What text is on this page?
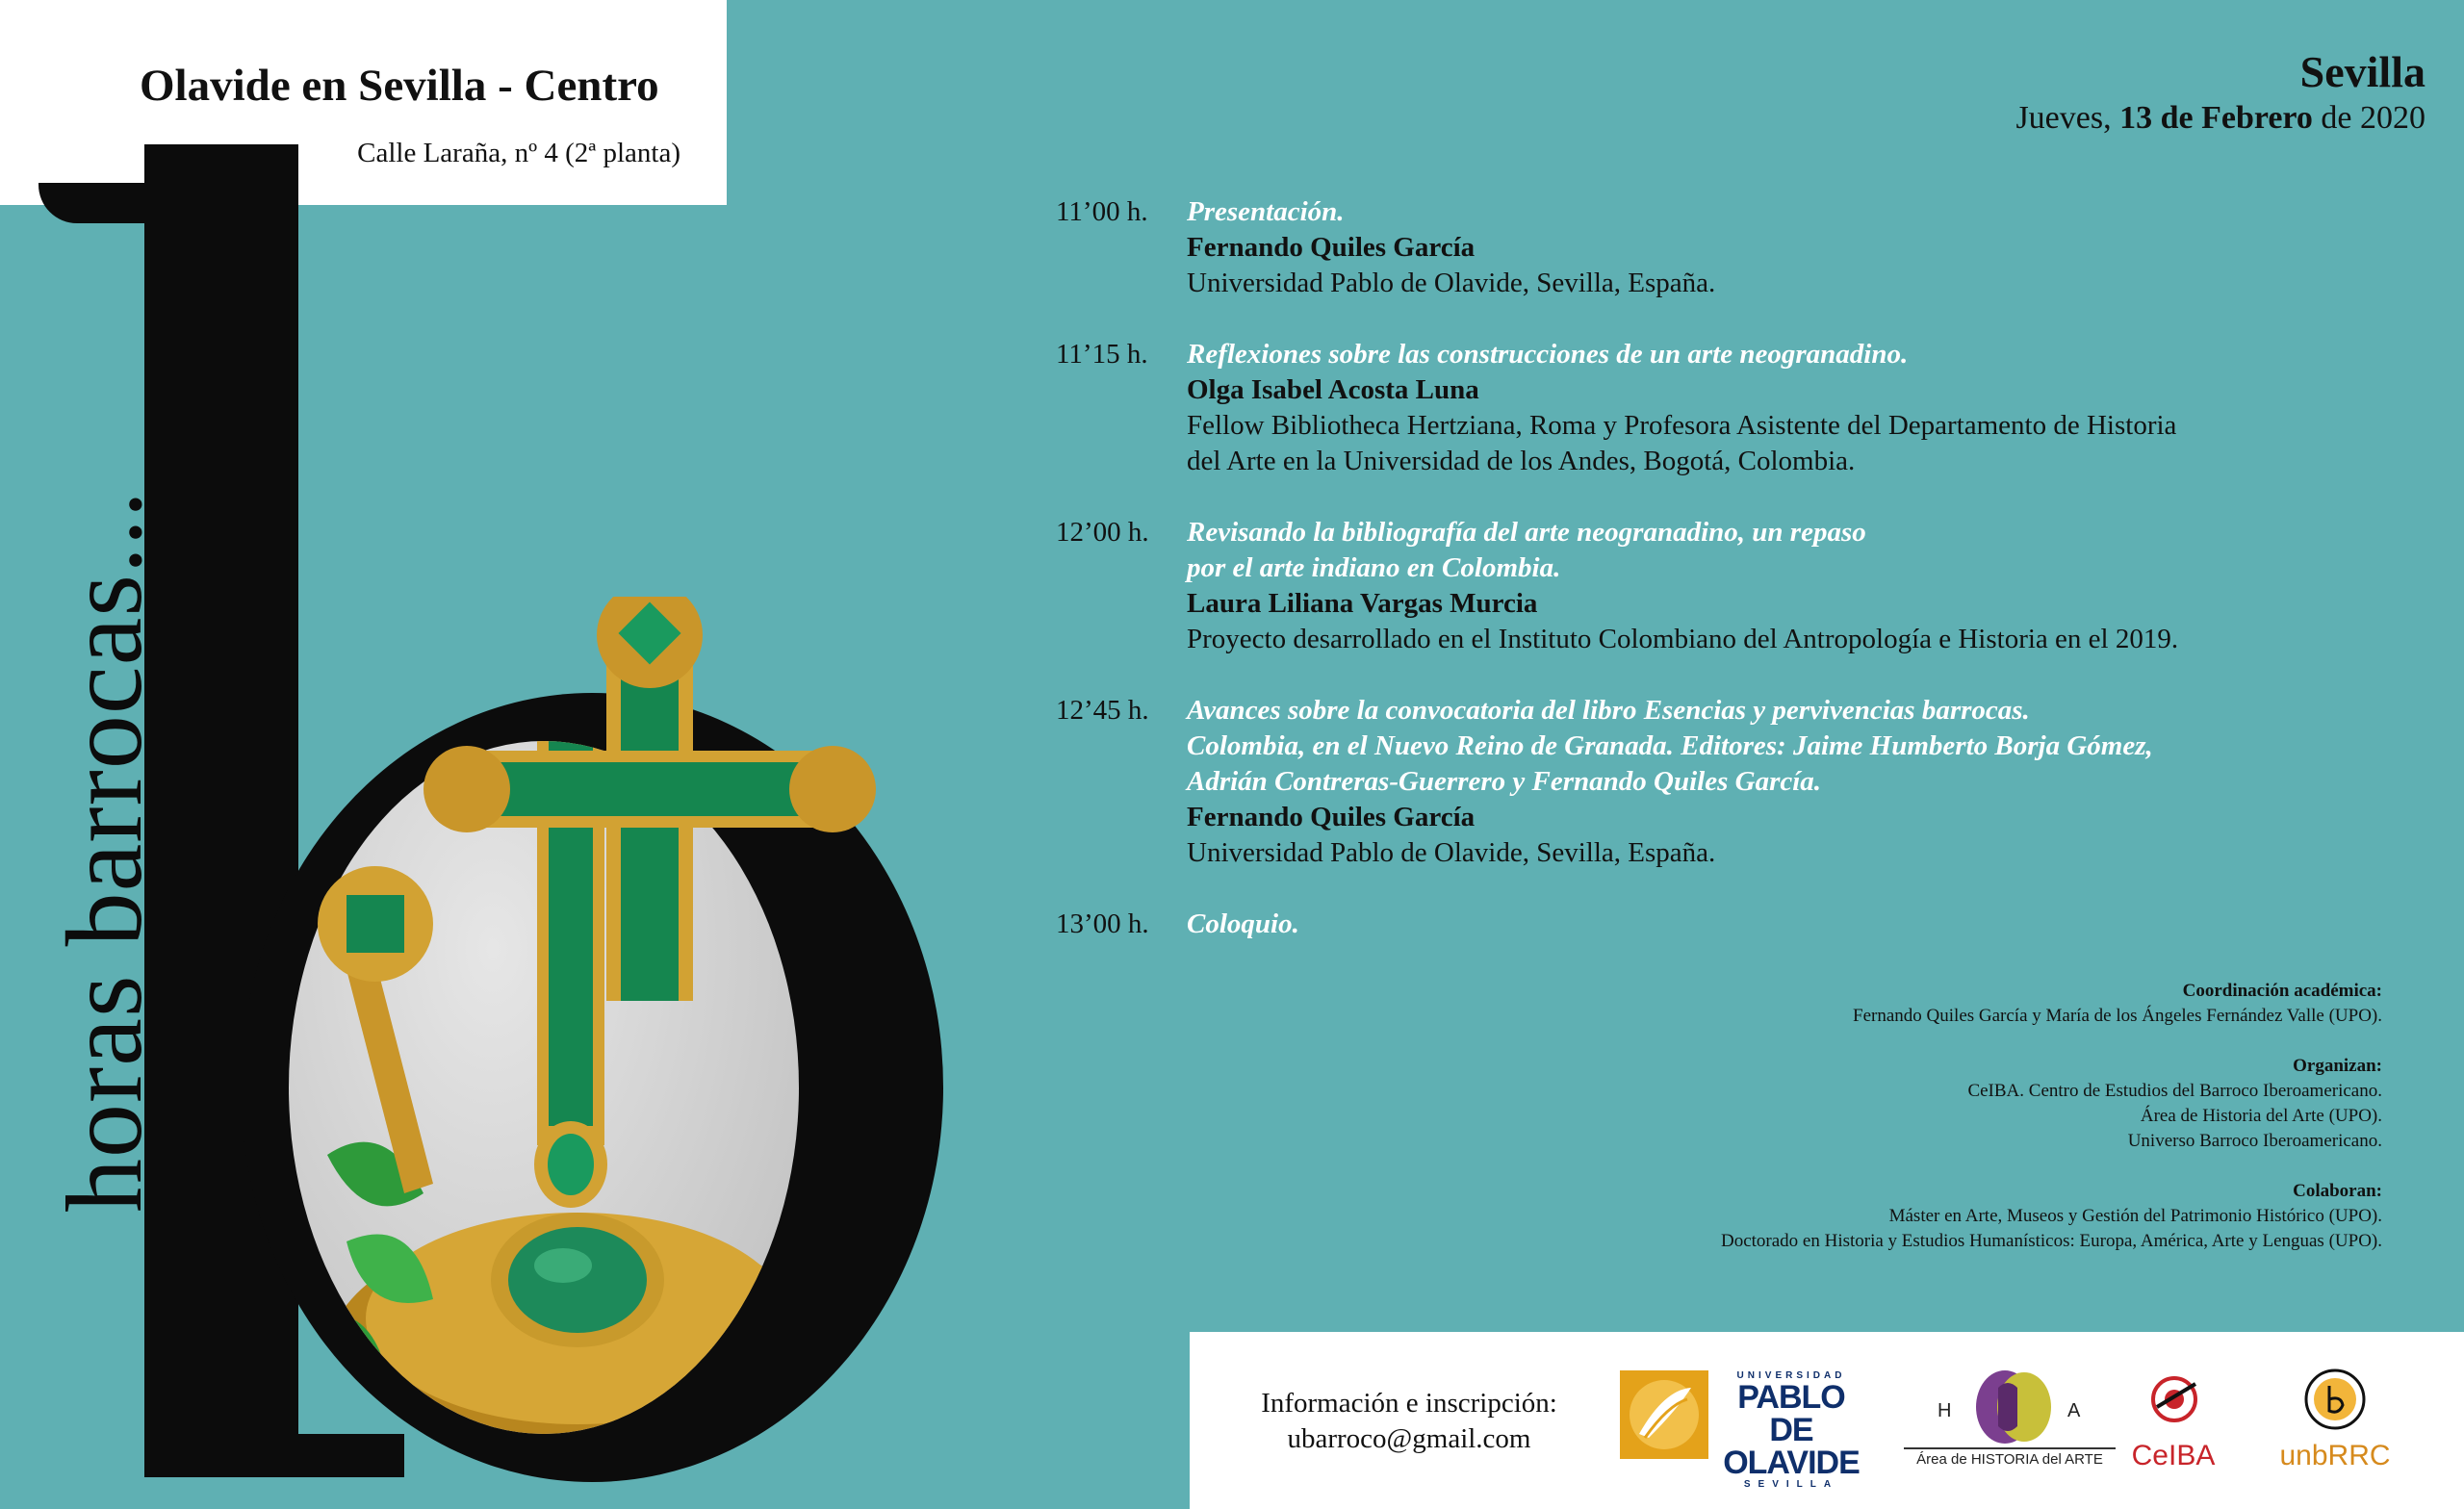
Olavide en Sevilla - Centro
Calle Laraña, nº 4 (2ª planta)
horas barrocas...
Sevilla
Jueves, 13 de Febrero de 2020
11’00 h.	Presentación.
Fernando Quiles García
Universidad Pablo de Olavide, Sevilla, España.
11’15 h.	Reflexiones sobre las construcciones de un arte neogranadino.
Olga Isabel Acosta Luna
Fellow Bibliotheca Hertziana, Roma y Profesora Asistente del Departamento de Historia
del Arte en la Universidad de los Andes, Bogotá, Colombia.
12’00 h.	Revisando la bibliografía del arte neogranadino, un repaso
por el arte indiano en Colombia.
Laura Liliana Vargas Murcia
Proyecto desarrollado en el Instituto Colombiano del Antropología e Historia en el 2019.
12’45 h.	Avances sobre la convocatoria del libro Esencias y pervivencias barrocas.
Colombia, en el Nuevo Reino de Granada. Editores: Jaime Humberto Borja Gómez,
Adrián Contreras-Guerrero y Fernando Quiles García.
Fernando Quiles García
Universidad Pablo de Olavide, Sevilla, España.
13’00 h.	Coloquio.
Coordinación académica:
Fernando Quiles García y María de los Ángeles Fernández Valle (UPO).
Organizan:
CeIBA. Centro de Estudios del Barroco Iberoamericano.
Área de Historia del Arte (UPO).
Universo Barroco Iberoamericano.
Colaboran:
Máster en Arte, Museos y Gestión del Patrimonio Histórico (UPO).
Doctorado en Historia y Estudios Humanísticos: Europa, América, Arte y Lenguas (UPO).
Información e inscripción:
ubarroco@gmail.com
UNIVERSIDAD
PABLO DE OLAVIDE
SEVILLA
H	A
Área de HISTORIA del ARTE CeIBA unbRRC
